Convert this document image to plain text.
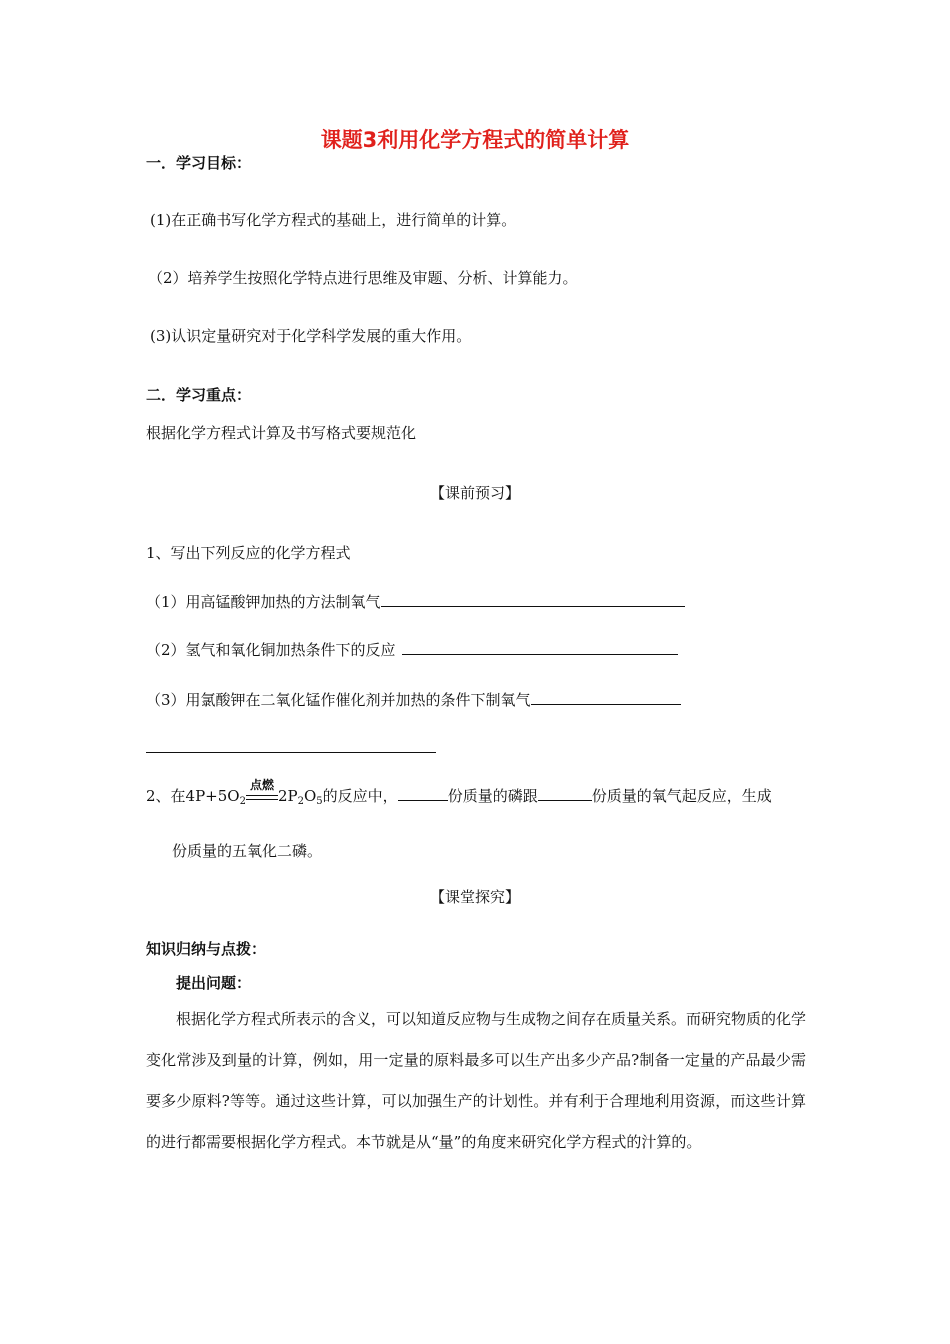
课题3利用化学方程式的简单计算
一．学习目标：
(1)在正确书写化学方程式的基础上，进行简单的计算。
（2）培养学生按照化学特点进行思维及审题、分析、计算能力。
(3)认识定量研究对于化学科学发展的重大作用。
二．学习重点：
根据化学方程式计算及书写格式要规范化
【课前预习】
1、写出下列反应的化学方程式
（1）用高锰酸钾加热的方法制氧气
（2）氢气和氧化铜加热条件下的反应
（3）用氯酸钾在二氧化锰作催化剂并加热的条件下制氧气
2、在$4P+5O_2$
点燃
$2P_2O_5$的反应中，	份质量的磷跟	份质量的氧气起反应，生成
份质量的五氧化二磷。
【课堂探究】
知识归纳与点拨：
提出问题：
根据化学方程式所表示的含义，可以知道反应物与生成物之间存在质量关系。而研究物质的化学变化常涉及到量的计算，例如，用一定量的原料最多可以生产出多少产品?制备一定量的产品最少需要多少原料?等等。通过这些计算，可以加强生产的计划性。并有利于合理地利用资源，而这些计算的进行都需要根据化学方程式。本节就是从“量”的角度来研究化学方程式的汁算的。
